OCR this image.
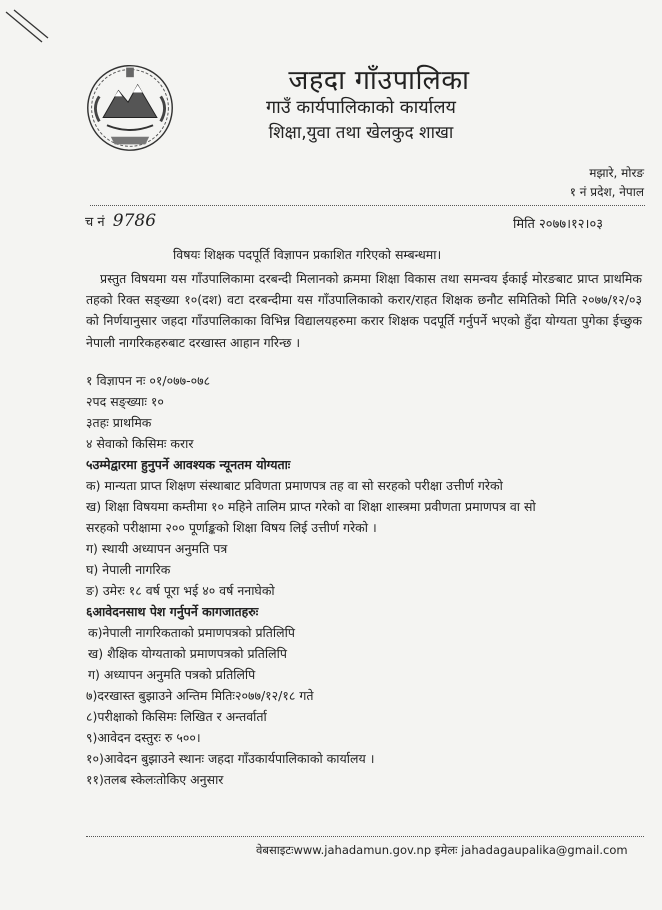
जहदा गाँउपालिका
गाउँ कार्यपालिकाको कार्यालय
शिक्षा,युवा तथा खेलकुद शाखा
मझारे, मोरङ
१ नं प्रदेश, नेपाल
च नं 9786	मिति २०७७।१२।०३
विषयः शिक्षक पदपूर्ति विज्ञापन प्रकाशित गरिएको सम्बन्धमा।
प्रस्तुत विषयमा यस गाँउपालिकामा दरबन्दी मिलानको क्रममा शिक्षा विकास तथा समन्वय ईकाई मोरङबाट प्राप्त प्राथमिक तहको रिक्त सङ्ख्या १०(दश) वटा दरबन्दीमा यस गाँउपालिकाको करार/राहत शिक्षक छनौट समितिको मिति २०७७/१२/०३ को निर्णयानुसार जहदा गाँउपालिकाका विभिन्न विद्यालयहरुमा करार शिक्षक पदपूर्ति गर्नुपर्ने भएको हुँदा योग्यता पुगेका ईच्छुक नेपाली नागरिकहरुबाट दरखास्त आहान गरिन्छ ।
१ विज्ञापन नः ०१/०७७-०७८
२पद सङ्ख्याः १०
३तहः प्राथमिक
४ सेवाको किसिमः करार
५उम्मेद्वारमा हुनुपर्ने आवश्यक न्यूनतम योग्यताः
क) मान्यता प्राप्त शिक्षण संस्थाबाट प्रविणता प्रमाणपत्र तह वा सो सरहको परीक्षा उत्तीर्ण गरेको
ख) शिक्षा विषयमा कम्तीमा १० महिने तालिम प्राप्त गरेको वा शिक्षा शास्त्रमा प्रवीणता प्रमाणपत्र वा सो
सरहको परीक्षामा २०० पूर्णाङ्कको शिक्षा विषय लिई उत्तीर्ण गरेको ।
ग) स्थायी अध्यापन अनुमति पत्र
घ) नेपाली नागरिक
ङ) उमेरः १८ वर्ष पूरा भई ४० वर्ष ननाघेको
६आवेदनसाथ पेश गर्नुपर्ने कागजातहरुः
क)नेपाली नागरिकताको प्रमाणपत्रको प्रतिलिपि
ख) शैक्षिक योग्यताको प्रमाणपत्रको प्रतिलिपि
ग) अध्यापन अनुमति पत्रको प्रतिलिपि
७)दरखास्त बुझाउने अन्तिम मितिः२०७७/१२/१८ गते
८)परीक्षाको किसिमः लिखित र अन्तर्वार्ता
९)आवेदन दस्तुरः रु ५००।
१०)आवेदन बुझाउने स्थानः जहदा गाँउकार्यपालिकाको कार्यालय ।
११)तलब स्केलःतोकिए अनुसार
वेबसाइटःwww.jahadamun.gov.np इमेलः jahadagaupalika@gmail.com
